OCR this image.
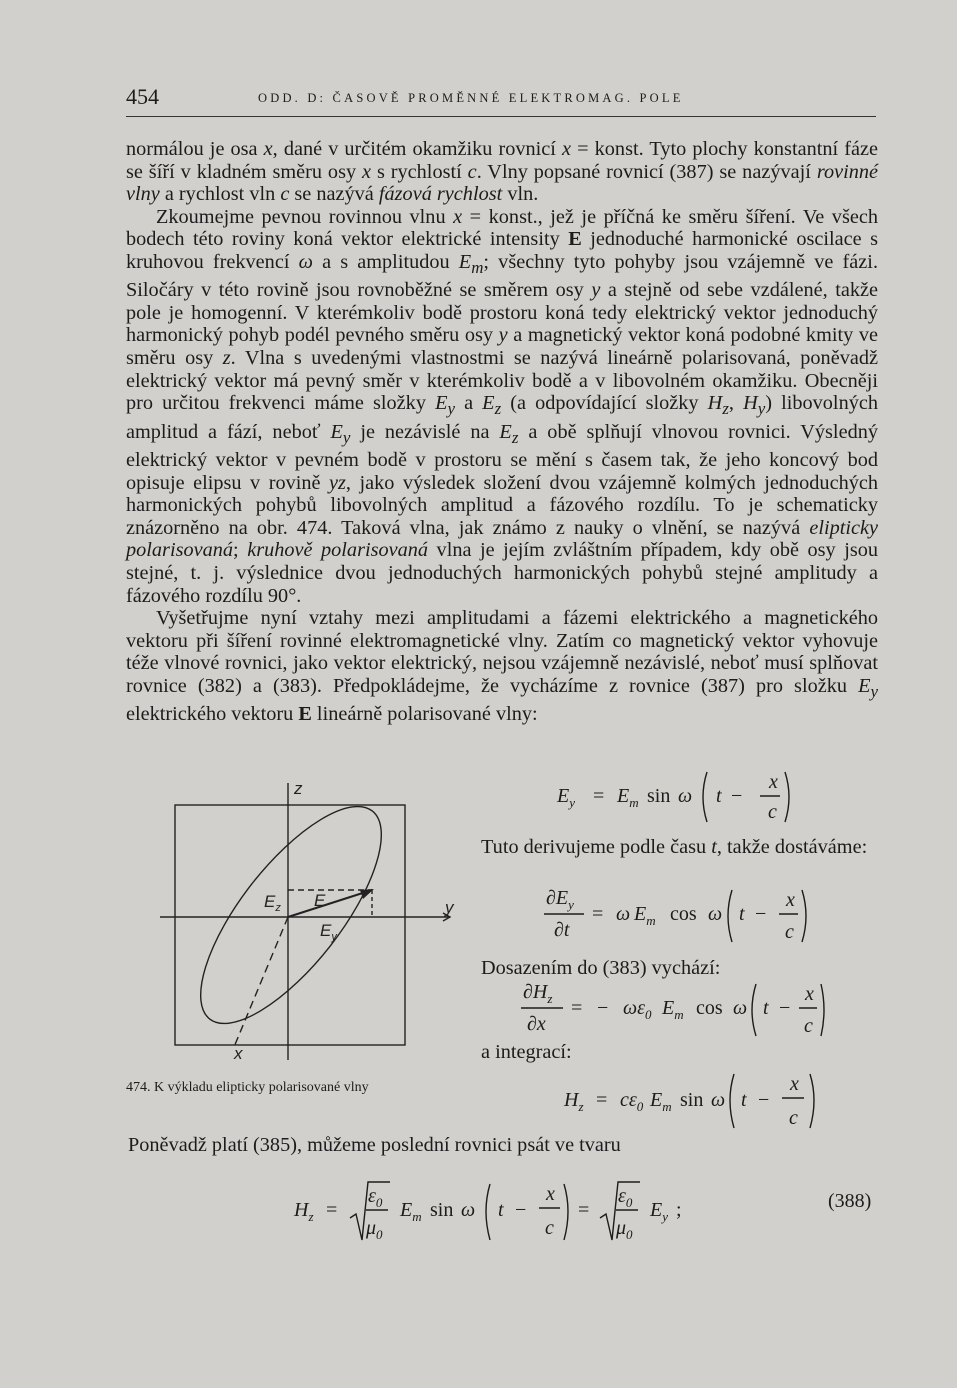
454	ODD. D: ČASOVĚ PROMĚNNÉ ELEKTROMAG. POLE

normálou je osa x, dané v určitém okamžiku rovnicí x = konst. Tyto plochy konstantní fáze se šíří v kladném směru osy x s rychlostí c. Vlny popsané rovnicí (387) se nazývají rovinné vlny a rychlost vln c se nazývá fázová rychlost vln.

Zkoumejme pevnou rovinnou vlnu x = konst., jež je příčná ke směru šíření. Ve všech bodech této roviny koná vektor elektrické intensity E jednoduché harmonické oscilace s kruhovou frekvencí ω a s amplitudou $E_m$; všechny tyto pohyby jsou vzájemně ve fázi. Siločáry v této rovině jsou rovnoběžné se směrem osy y a stejně od sebe vzdálené, takže pole je homogenní. V kterémkoliv bodě prostoru koná tedy elektrický vektor jednoduchý harmonický pohyb podél pevného směru osy y a magnetický vektor koná podobné kmity ve směru osy z. Vlna s uvedenými vlastnostmi se nazývá lineárně polarisovaná, poněvadž elektrický vektor má pevný směr v kterémkoliv bodě a v libovolném okamžiku. Obecněji pro určitou frekvenci máme složky $E_y$ a $E_z$ (a odpovídající složky $H_z$, $H_y$) libovolných amplitud a fází, neboť $E_y$ je nezávislé na $E_z$ a obě splňují vlnovou rovnici. Výsledný elektrický vektor v pevném bodě v prostoru se mění s časem tak, že jeho koncový bod opisuje elipsu v rovině yz, jako výsledek složení dvou vzájemně kolmých jednoduchých harmonických pohybů libovolných amplitud a fázového rozdílu. To je schematicky znázorněno na obr. 474. Taková vlna, jak známo z nauky o vlnění, se nazývá elipticky polarisovaná; kruhově polarisovaná vlna je jejím zvláštním případem, kdy obě osy jsou stejné, t. j. výslednice dvou jednoduchých harmonických pohybů stejné amplitudy a fázového rozdílu 90°.

Vyšetřujme nyní vztahy mezi amplitudami a fázemi elektrického a magnetického vektoru při šíření rovinné elektromagnetické vlny. Zatím co magnetický vektor vyhovuje téže vlnové rovnici, jako vektor elektrický, nejsou vzájemně nezávislé, neboť musí splňovat rovnice (382) a (383). Předpokládejme, že vycházíme z rovnice (387) pro složku $E_y$ elektrického vektoru E lineárně polarisované vlny:

z
y
x
$E_z$ E
$E_y$
474. K výkladu elipticky polarisované vlny
$E_y = E_m$ sin ω t −
x
c
Tuto derivujeme podle času t, takže dostáváme:
$\partial E_y$
∂t
= ω $E_m$ cos ω t −
x
c
Dosazením do (383) vychází:
$\partial H_z$
∂x
= − $\omega\varepsilon_0$ $E_m$ cos ω t −
x
c
a integrací:
$H_z = c\varepsilon_0$ $E_m$ sin ω t −
x
c
Poněvadž platí (385), můžeme poslední rovnici psát ve tvaru
$H_z$ =
$\varepsilon_0$
$\mu_0$
$E_m$ sin ω t −
x
c
=
$\varepsilon_0$
$\mu_0$
$E_y$ ;	(388)
